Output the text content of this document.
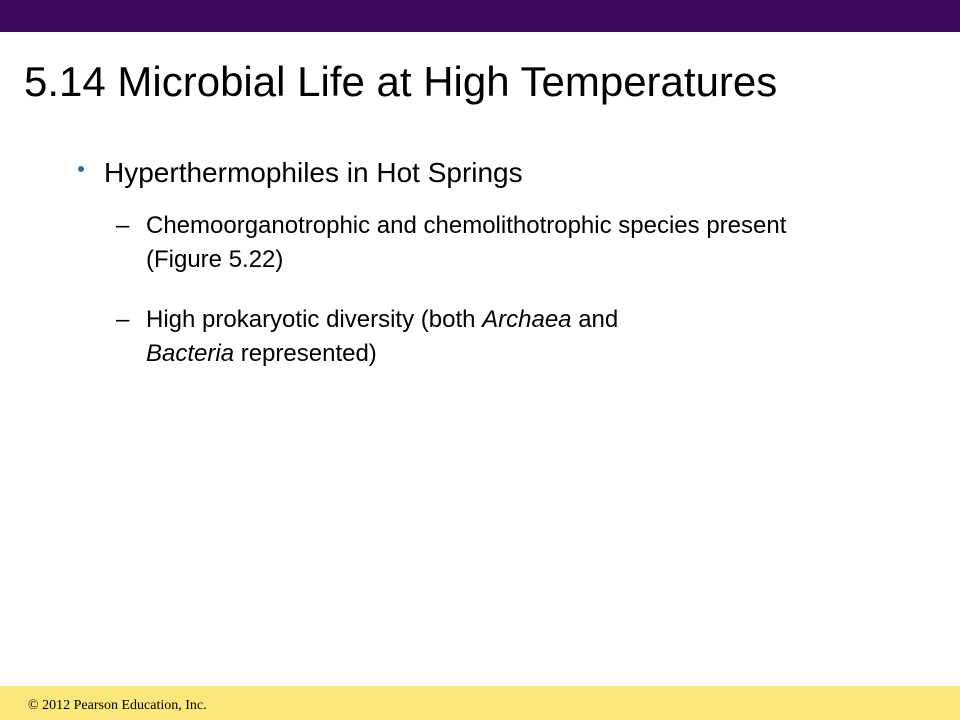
5.14 Microbial Life at High Temperatures
Hyperthermophiles in Hot Springs
– Chemoorganotrophic and chemolithotrophic species present (Figure 5.22)
– High prokaryotic diversity (both Archaea and
Bacteria represented)
© 2012 Pearson Education, Inc.
